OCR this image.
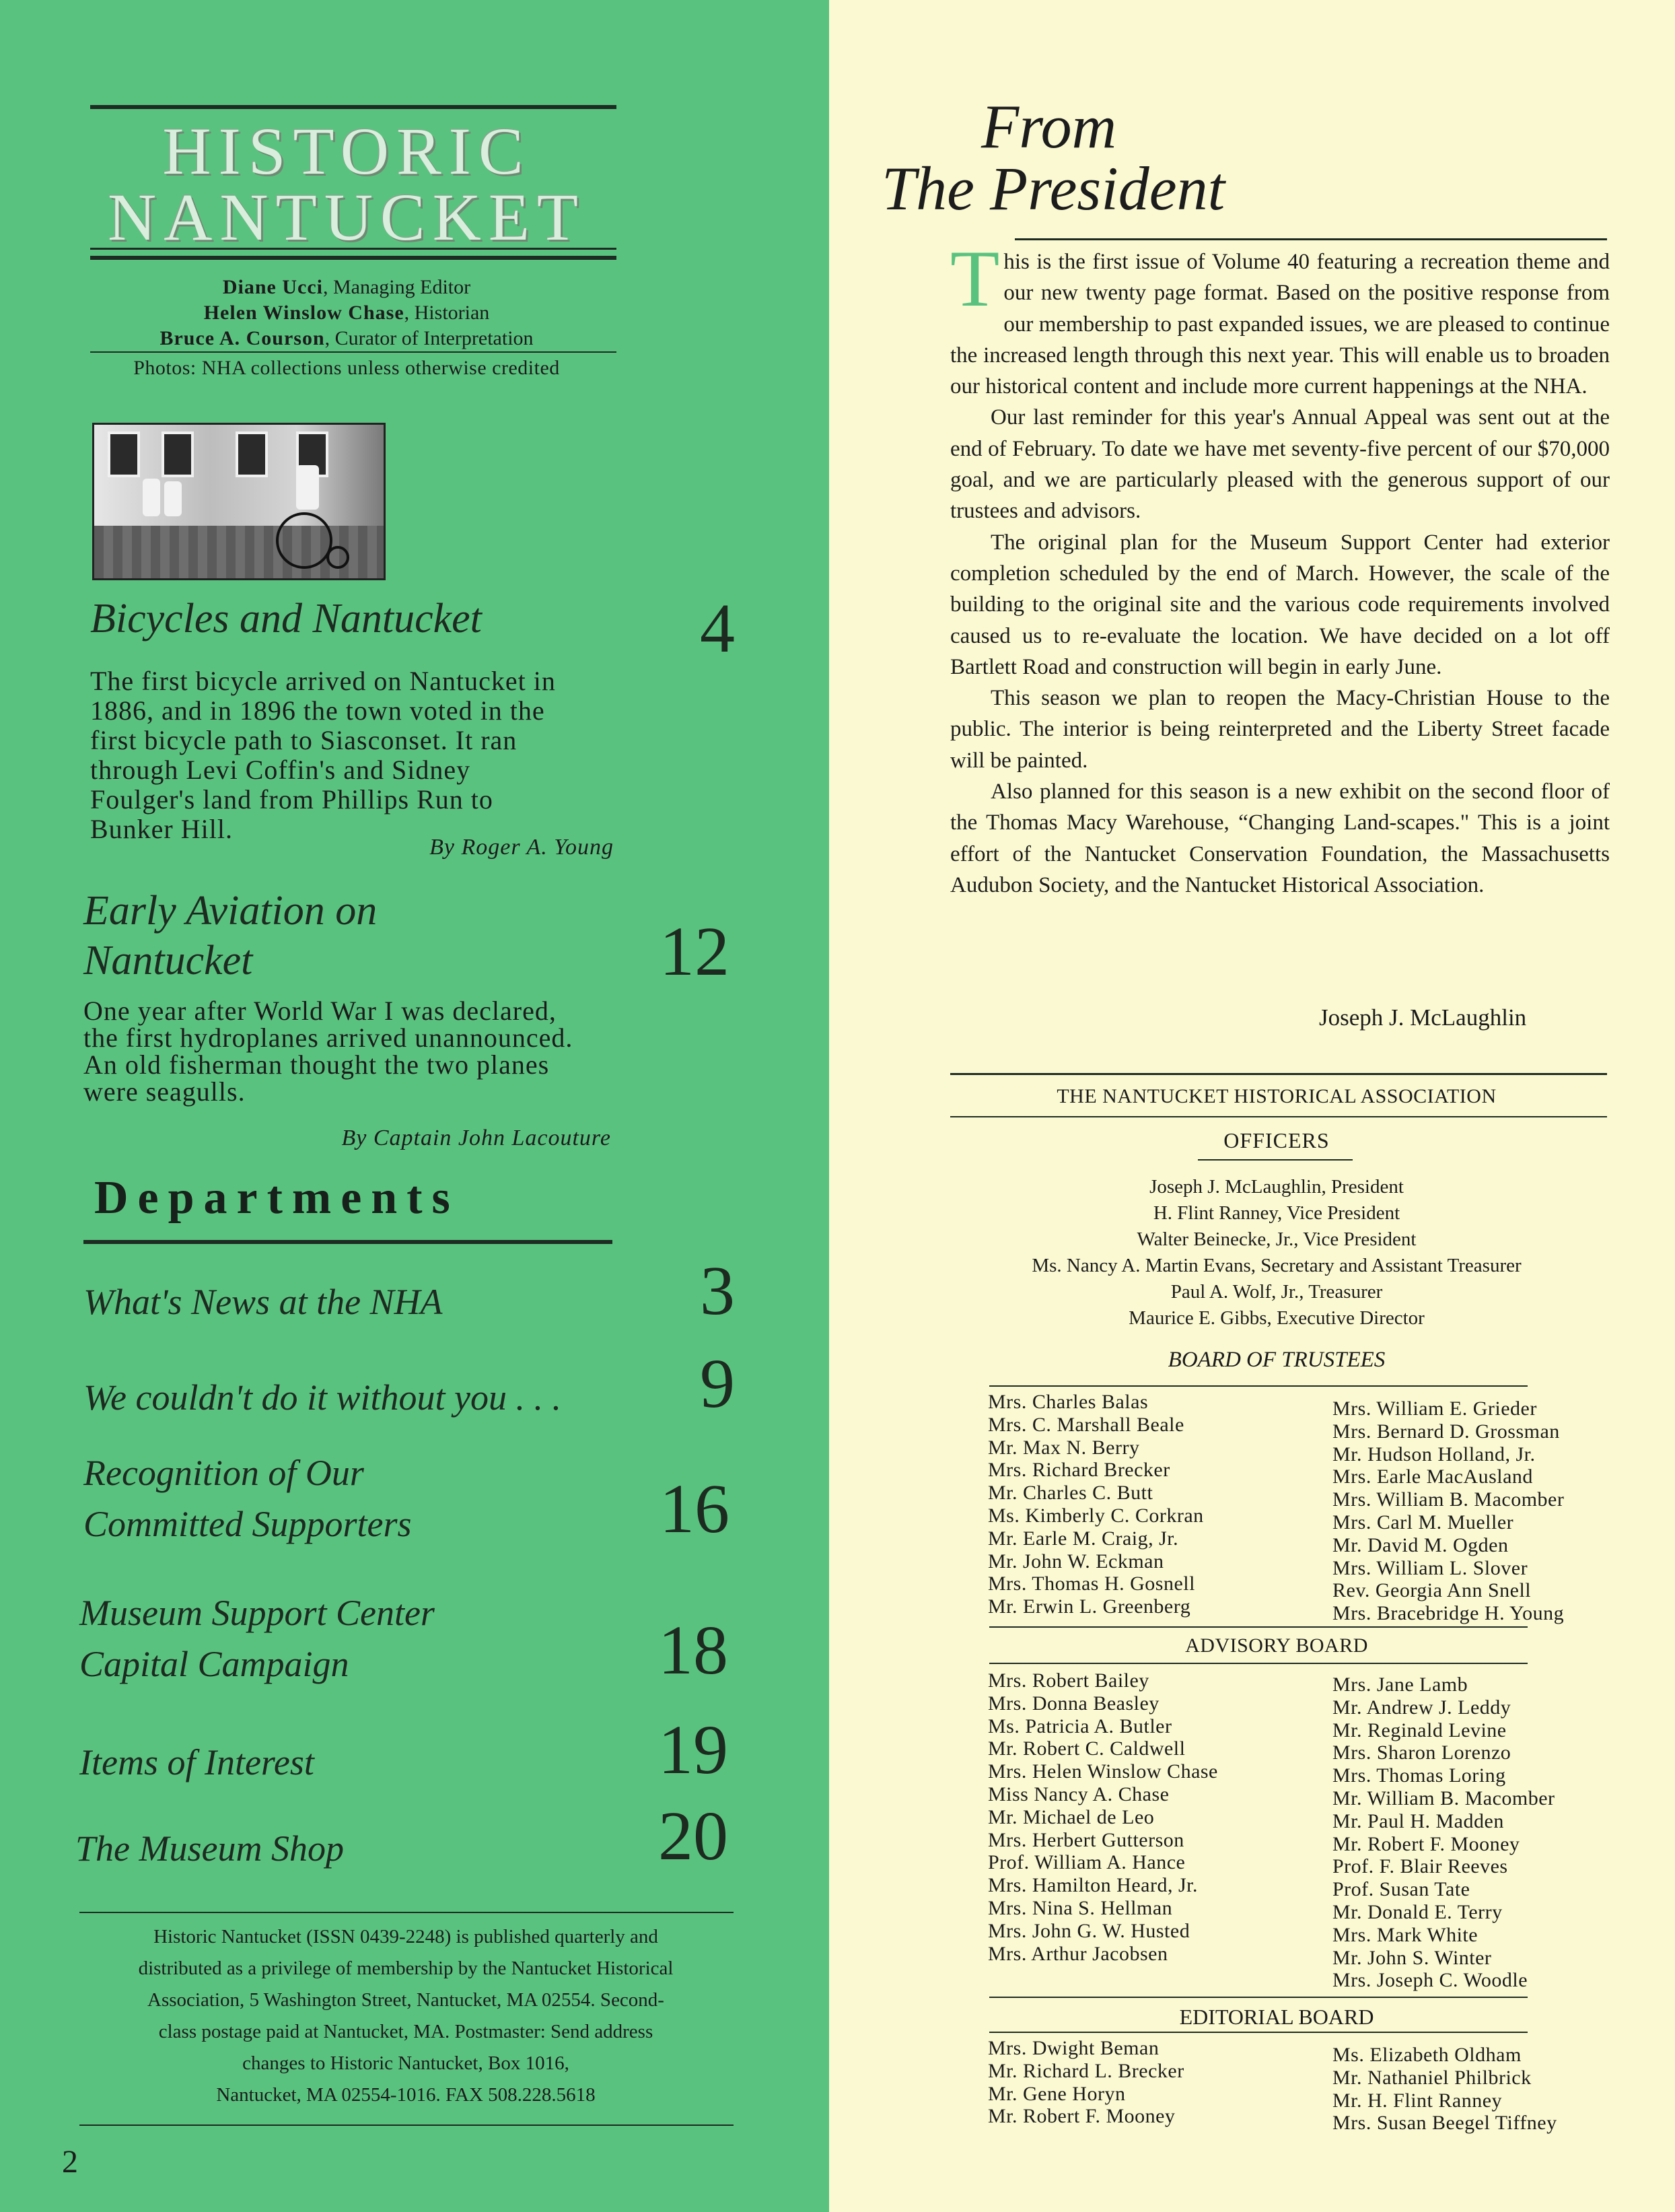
HISTORIC
NANTUCKET
Diane Ucci, Managing Editor
Helen Winslow Chase, Historian
Bruce A. Courson, Curator of Interpretation
Photos: NHA collections unless otherwise credited
Bicycles and Nantucket	4
The first bicycle arrived on Nantucket in
1886, and in 1896 the town voted in the
first bicycle path to Siasconset. It ran
through Levi Coffin's and Sidney
Foulger's land from Phillips Run to
Bunker Hill.
By Roger A. Young
Early Aviation on
Nantucket	12
One year after World War I was declared,
the first hydroplanes arrived unannounced.
An old fisherman thought the two planes
were seagulls.
By Captain John Lacouture
Departments
What's News at the NHA	3
We couldn't do it without you . . . 9
Recognition of Our
Committed Supporters	16
Museum Support Center
Capital Campaign	18
Items of Interest	19
The Museum Shop	20
Historic Nantucket (ISSN 0439-2248) is published quarterly and
distributed as a privilege of membership by the Nantucket Historical
Association, 5 Washington Street, Nantucket, MA 02554. Second-
class postage paid at Nantucket, MA. Postmaster: Send address
changes to Historic Nantucket, Box 1016,
Nantucket, MA 02554-1016. FAX 508.228.5618
2
From
The President

This is the first issue of Volume 40 featuring a recreation theme and our new twenty page format. Based on the positive response from our membership to past expanded issues, we are pleased to continue the increased length through this next year. This will enable us to broaden our historical content and include more current happenings at the NHA.

Our last reminder for this year's Annual Appeal was sent out at the end of February. To date we have met seventy-five percent of our $70,000 goal, and we are particularly pleased with the generous support of our trustees and advisors.

The original plan for the Museum Support Center had exterior completion scheduled by the end of March. However, the scale of the building to the original site and the various code requirements involved caused us to re-evaluate the location. We have decided on a lot off Bartlett Road and construction will begin in early June.

This season we plan to reopen the Macy-Christian House to the public. The interior is being reinterpreted and the Liberty Street facade will be painted.

Also planned for this season is a new exhibit on the second floor of the Thomas Macy Warehouse, “Changing Land-scapes." This is a joint effort of the Nantucket Conservation Foundation, the Massachusetts Audubon Society, and the Nantucket Historical Association.

Joseph J. McLaughlin
THE NANTUCKET HISTORICAL ASSOCIATION
OFFICERS
Joseph J. McLaughlin, President
H. Flint Ranney, Vice President
Walter Beinecke, Jr., Vice President
Ms. Nancy A. Martin Evans, Secretary and Assistant Treasurer
Paul A. Wolf, Jr., Treasurer
Maurice E. Gibbs, Executive Director
BOARD OF TRUSTEES
Mrs. Charles Balas
Mrs. C. Marshall Beale
Mr. Max N. Berry
Mrs. Richard Brecker
Mr. Charles C. Butt
Ms. Kimberly C. Corkran
Mr. Earle M. Craig, Jr.
Mr. John W. Eckman
Mrs. Thomas H. Gosnell
Mr. Erwin L. Greenberg
Mrs. William E. Grieder
Mrs. Bernard D. Grossman
Mr. Hudson Holland, Jr.
Mrs. Earle MacAusland
Mrs. William B. Macomber
Mrs. Carl M. Mueller
Mr. David M. Ogden
Mrs. William L. Slover
Rev. Georgia Ann Snell
Mrs. Bracebridge H. Young
ADVISORY BOARD
Mrs. Robert Bailey
Mrs. Donna Beasley
Ms. Patricia A. Butler
Mr. Robert C. Caldwell
Mrs. Helen Winslow Chase
Miss Nancy A. Chase
Mr. Michael de Leo
Mrs. Herbert Gutterson
Prof. William A. Hance
Mrs. Hamilton Heard, Jr.
Mrs. Nina S. Hellman
Mrs. John G. W. Husted
Mrs. Arthur Jacobsen
Mrs. Jane Lamb
Mr. Andrew J. Leddy
Mr. Reginald Levine
Mrs. Sharon Lorenzo
Mrs. Thomas Loring
Mr. William B. Macomber
Mr. Paul H. Madden
Mr. Robert F. Mooney
Prof. F. Blair Reeves
Prof. Susan Tate
Mr. Donald E. Terry
Mrs. Mark White
Mr. John S. Winter
Mrs. Joseph C. Woodle
EDITORIAL BOARD
Mrs. Dwight Beman
Mr. Richard L. Brecker
Mr. Gene Horyn
Mr. Robert F. Mooney
Ms. Elizabeth Oldham
Mr. Nathaniel Philbrick
Mr. H. Flint Ranney
Mrs. Susan Beegel Tiffney
